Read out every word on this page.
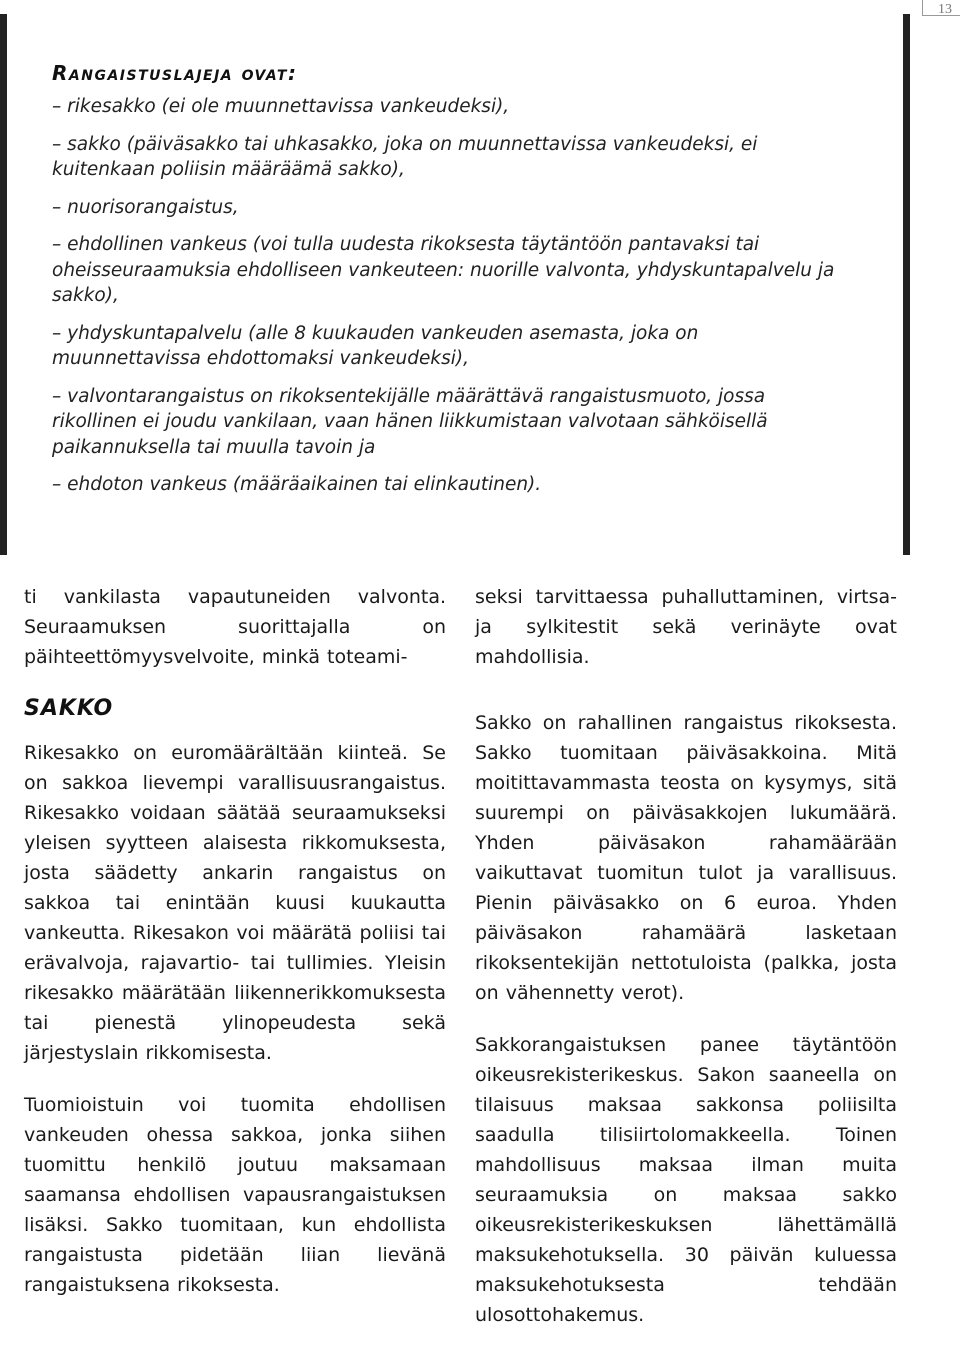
13
Rangaistuslajeja ovat:

– rikesakko (ei ole muunnettavissa vankeudeksi),

– sakko (päiväsakko tai uhkasakko, joka on muunnettavissa vankeudeksi, ei kuitenkaan poliisin määräämä sakko),

– nuorisorangaistus,

– ehdollinen vankeus (voi tulla uudesta rikoksesta täytäntöön pantavaksi tai oheisseuraamuksia ehdolliseen vankeuteen: nuorille valvonta, yhdyskuntapalvelu ja sakko),

– yhdyskuntapalvelu (alle 8 kuukauden vankeuden asemasta, joka on muunnettavissa ehdottomaksi vankeudeksi),

– valvontarangaistus on rikoksentekijälle määrättävä rangaistusmuoto, jossa rikollinen ei joudu vankilaan, vaan hänen liikkumistaan valvotaan sähköisellä paikannuksella tai muulla tavoin ja

– ehdoton vankeus (määräaikainen tai elinkautinen).

ti vankilasta vapautuneiden valvonta. Seuraamuksen suorittajalla on päihteettömyysvelvoite, minkä toteami-

SAKKO

Rikesakko on euromäärältään kiinteä. Se on sakkoa lievempi varallisuusrangaistus. Rikesakko voidaan säätää seuraamukseksi yleisen syytteen alaisesta rikkomuksesta, josta säädetty ankarin rangaistus on sakkoa tai enintään kuusi kuukautta vankeutta. Rikesakon voi määrätä poliisi tai erävalvoja, rajavartio- tai tullimies. Yleisin rikesakko määrätään liikennerikkomuksesta tai pienestä ylinopeudesta sekä järjestyslain rikkomisesta.

Tuomioistuin voi tuomita ehdollisen vankeuden ohessa sakkoa, jonka siihen tuomittu henkilö joutuu maksamaan saamansa ehdollisen vapausrangaistuksen lisäksi. Sakko tuomitaan, kun ehdollista rangaistusta pidetään liian lievänä rangaistuksena rikoksesta.

seksi tarvittaessa puhalluttaminen, virtsa- ja sylkitestit sekä verinäyte ovat mahdollisia.

Sakko on rahallinen rangaistus rikoksesta. Sakko tuomitaan päiväsakkoina. Mitä moitittavammasta teosta on kysymys, sitä suurempi on päiväsakkojen lukumäärä. Yhden päiväsakon rahamäärään vaikuttavat tuomitun tulot ja varallisuus. Pienin päiväsakko on 6 euroa. Yhden päiväsakon rahamäärä lasketaan rikoksentekijän nettotuloista (palkka, josta on vähennetty verot).

Sakkorangaistuksen panee täytäntöön oikeusrekisterikeskus. Sakon saaneella on tilaisuus maksaa sakkonsa poliisilta saadulla tilisiirtolomakkeella. Toinen mahdollisuus maksaa ilman muita seuraamuksia on maksaa sakko oikeusrekisterikeskuksen lähettämällä maksukehotuksella. 30 päivän kuluessa maksukehotuksesta tehdään ulosottohakemus.
